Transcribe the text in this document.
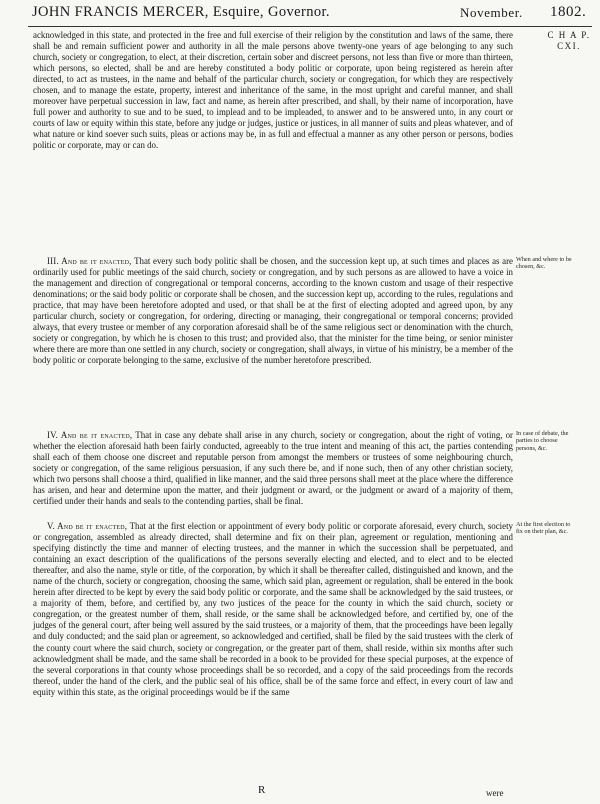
JOHN FRANCIS MERCER, Esquire, Governor.	November. 1802.
C H A P.
CXI.
acknowledged in this state, and protected in the free and full exercise of their religion by the constitution and laws of the same, there shall be and remain sufficient power and authority in all the male persons above twenty-one years of age belonging to any such church, society or congregation, to elect, at their discretion, certain sober and discreet persons, not less than five or more than thirteen, which persons, so elected, shall be and are hereby constituted a body politic or corporate, upon being registered as herein after directed, to act as trustees, in the name and behalf of the particular church, society or congregation, for which they are respectively chosen, and to manage the estate, property, interest and inheritance of the same, in the most upright and careful manner, and shall moreover have perpetual succession in law, fact and name, as herein after prescribed, and shall, by their name of incorporation, have full power and authority to sue and to be sued, to implead and to be impleaded, to answer and to be answered unto, in any court or courts of law or equity within this state, before any judge or judges, justice or justices, in all manner of suits and pleas whatever, and of what nature or kind soever such suits, pleas or actions may be, in as full and effectual a manner as any other person or persons, bodies politic or corporate, may or can do.
III. And be it enacted, That every such body politic shall be chosen, and the succession kept up, at such times and places as are ordinarily used for public meetings of the said church, society or congregation, and by such persons as are allowed to have a voice in the management and direction of congregational or temporal concerns, according to the known custom and usage of their respective denominations; or the said body politic or corporate shall be chosen, and the succession kept up, according to the rules, regulations and practice, that may have been heretofore adopted and used, or that shall be at the first of electing adopted and agreed upon, by any particular church, society or congregation, for ordering, directing or managing, their congregational or temporal concerns; provided always, that every trustee or member of any corporation aforesaid shall be of the same religious sect or denomination with the church, society or congregation, by which he is chosen to this trust; and provided also, that the minister for the time being, or senior minister where there are more than one settled in any church, society or congregation, shall always, in virtue of his ministry, be a member of the body politic or corporate belonging to the same, exclusive of the number heretofore prescribed.
When and where to be chosen, &c.
IV. And be it enacted, That in case any debate shall arise in any church, society or congregation, about the right of voting, or whether the election aforesaid hath been fairly conducted, agreeably to the true intent and meaning of this act, the parties contending shall each of them choose one discreet and reputable person from amongst the members or trustees of some neighbouring church, society or congregation, of the same religious persuasion, if any such there be, and if none such, then of any other christian society, which two persons shall choose a third, qualified in like manner, and the said three persons shall meet at the place where the difference has arisen, and hear and determine upon the matter, and their judgment or award, or the judgment or award of a majority of them, certified under their hands and seals to the contending parties, shall be final.
In case of debate, the parties to choose persons, &c.
V. And be it enacted, That at the first election or appointment of every body politic or corporate aforesaid, every church, society or congregation, assembled as already directed, shall determine and fix on their plan, agreement or regulation, mentioning and specifying distinctly the time and manner of electing trustees, and the manner in which the succession shall be perpetuated, and containing an exact description of the qualifications of the persons severally electing and elected, and to elect and to be elected thereafter, and also the name, style or title, of the corporation, by which it shall be thereafter called, distinguished and known, and the name of the church, society or congregation, choosing the same, which said plan, agreement or regulation, shall be entered in the book herein after directed to be kept by every the said body politic or corporate, and the same shall be acknowledged by the said trustees, or a majority of them, before, and certified by, any two justices of the peace for the county in which the said church, society or congregation, or the greatest number of them, shall reside, or the same shall be acknowledged before, and certified by, one of the judges of the general court, after being well assured by the said trustees, or a majority of them, that the proceedings have been legally and duly conducted; and the said plan or agreement, so acknowledged and certified, shall be filed by the said trustees with the clerk of the county court where the said church, society or congregation, or the greater part of them, shall reside, within six months after such acknowledgment shall be made, and the same shall be recorded in a book to be provided for these special purposes, at the expence of the several corporations in that county whose proceedings shall be so recorded, and a copy of the said proceedings from the records thereof, under the hand of the clerk, and the public seal of his office, shall be of the same force and effect, in every court of law and equity within this state, as the original proceedings would be if the same
At the first election to fix on their plan, &c.
R	were
